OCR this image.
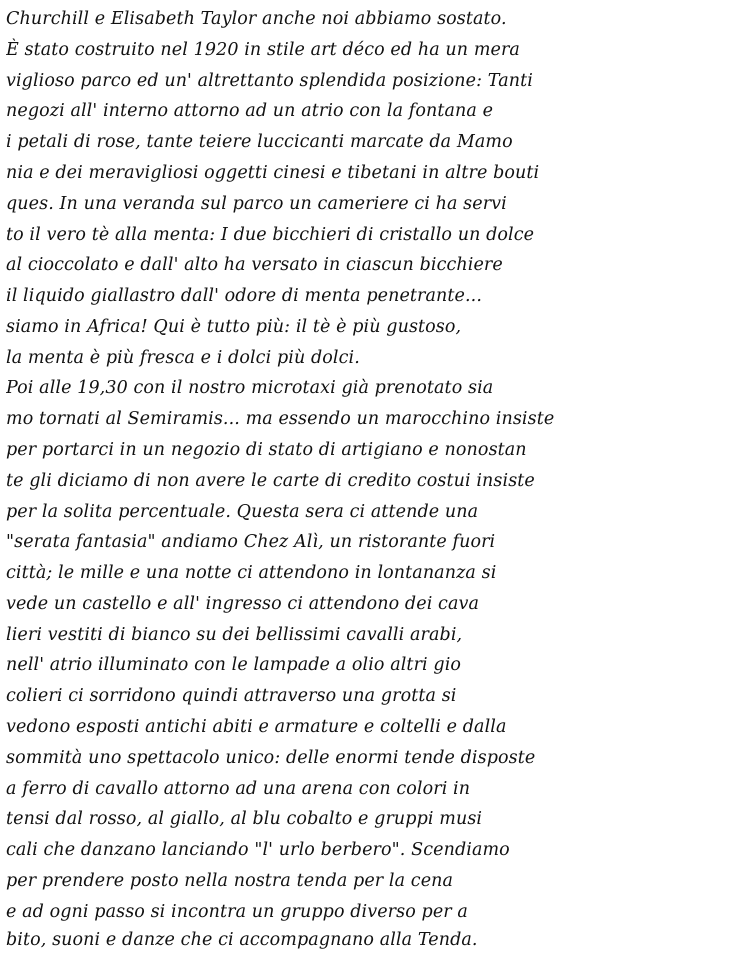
Churchill e Elisabeth Taylor anche noi abbiamo sostato.
È stato costruito nel 1920 in stile art déco ed ha un mera
viglioso parco ed un' altrettanto splendida posizione: Tanti
negozi all' interno attorno ad un atrio con la fontana e
i petali di rose, tante teiere luccicanti marcate da Mamo
nia e dei meravigliosi oggetti cinesi e tibetani in altre bouti
ques. In una veranda sul parco un cameriere ci ha servi
to il vero tè alla menta: I due bicchieri di cristallo un dolce
al cioccolato e dall' alto ha versato in ciascun bicchiere
il liquido giallastro dall' odore di menta penetrante...
siamo in Africa! Qui è tutto più: il tè è più gustoso,
la menta è più fresca e i dolci più dolci.
Poi alle 19,30 con il nostro microtaxi già prenotato sia
mo tornati al Semiramis... ma essendo un marocchino insiste
per portarci in un negozio di stato di artigiano e nonostan
te gli diciamo di non avere le carte di credito costui insiste
per la solita percentuale. Questa sera ci attende una
"serata fantasia" andiamo Chez Alì, un ristorante fuori
città; le mille e una notte ci attendono in lontananza si
vede un castello e all' ingresso ci attendono dei cava
lieri vestiti di bianco su dei bellissimi cavalli arabi,
nell' atrio illuminato con le lampade a olio altri gio
colieri ci sorridono quindi attraverso una grotta si
vedono esposti antichi abiti e armature e coltelli e dalla
sommità uno spettacolo unico: delle enormi tende disposte
a ferro di cavallo attorno ad una arena con colori in
tensi dal rosso, al giallo, al blu cobalto e gruppi musi
cali che danzano lanciando "l' urlo berbero". Scendiamo
per prendere posto nella nostra tenda per la cena
e ad ogni passo si incontra un gruppo diverso per a
bito, suoni e danze che ci accompagnano alla Tenda.
